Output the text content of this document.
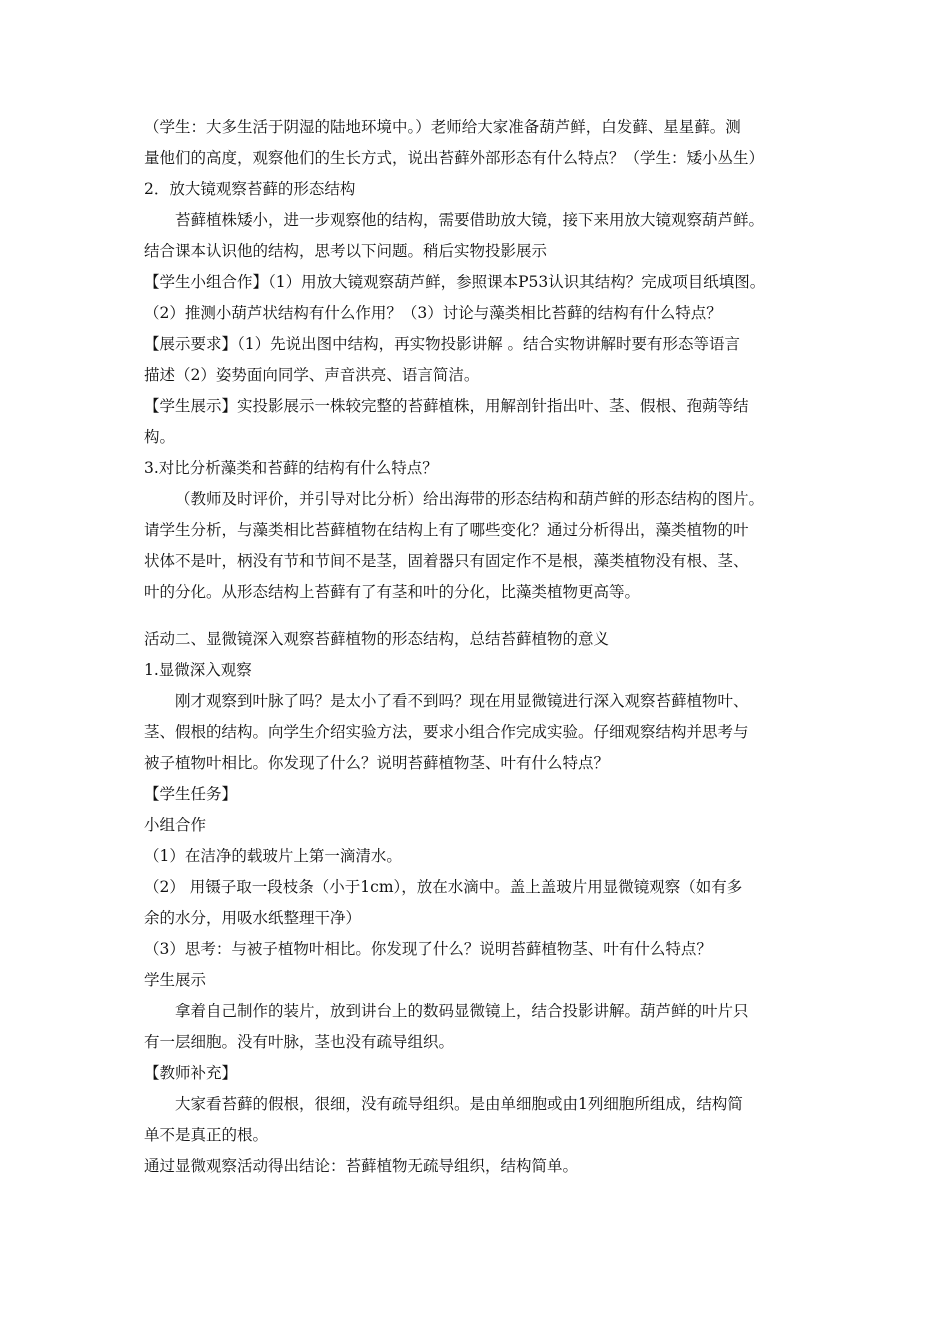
（学生：大多生活于阴湿的陆地环境中。）老师给大家准备葫芦鲜，白发藓、星星藓。测
量他们的高度，观察他们的生长方式，说出苔藓外部形态有什么特点？（学生：矮小丛生）
2．放大镜观察苔藓的形态结构
苔藓植株矮小，进一步观察他的结构，需要借助放大镜，接下来用放大镜观察葫芦鲜。
结合课本认识他的结构，思考以下问题。稍后实物投影展示
【学生小组合作】（1）用放大镜观察葫芦鲜，参照课本P53认识其结构？完成项目纸填图。
（2）推测小葫芦状结构有什么作用？（3）讨论与藻类相比苔藓的结构有什么特点？
【展示要求】（1）先说出图中结构，再实物投影讲解 。结合实物讲解时要有形态等语言
描述（2）姿势面向同学、声音洪亮、语言简洁。
【学生展示】实投影展示一株较完整的苔藓植株，用解剖针指出叶、茎、假根、孢蒴等结
构。
3.对比分析藻类和苔藓的结构有什么特点？
（教师及时评价，并引导对比分析）给出海带的形态结构和葫芦鲜的形态结构的图片。
请学生分析，与藻类相比苔藓植物在结构上有了哪些变化？通过分析得出，藻类植物的叶
状体不是叶，柄没有节和节间不是茎，固着器只有固定作不是根，藻类植物没有根、茎、
叶的分化。从形态结构上苔藓有了有茎和叶的分化，比藻类植物更高等。
活动二、显微镜深入观察苔藓植物的形态结构，总结苔藓植物的意义
1.显微深入观察
刚才观察到叶脉了吗？是太小了看不到吗？现在用显微镜进行深入观察苔藓植物叶、
茎、假根的结构。向学生介绍实验方法，要求小组合作完成实验。仔细观察结构并思考与
被子植物叶相比。你发现了什么？说明苔藓植物茎、叶有什么特点？
【学生任务】
小组合作
（1）在洁净的载玻片上第一滴清水。
（2） 用镊子取一段枝条（小于1cm），放在水滴中。盖上盖玻片用显微镜观察（如有多
余的水分，用吸水纸整理干净）
（3）思考：与被子植物叶相比。你发现了什么？说明苔藓植物茎、叶有什么特点？
学生展示
拿着自己制作的装片，放到讲台上的数码显微镜上，结合投影讲解。葫芦鲜的叶片只
有一层细胞。没有叶脉，茎也没有疏导组织。
【教师补充】
大家看苔藓的假根，很细，没有疏导组织。是由单细胞或由1列细胞所组成，结构简
单不是真正的根。
通过显微观察活动得出结论：苔藓植物无疏导组织，结构简单。
